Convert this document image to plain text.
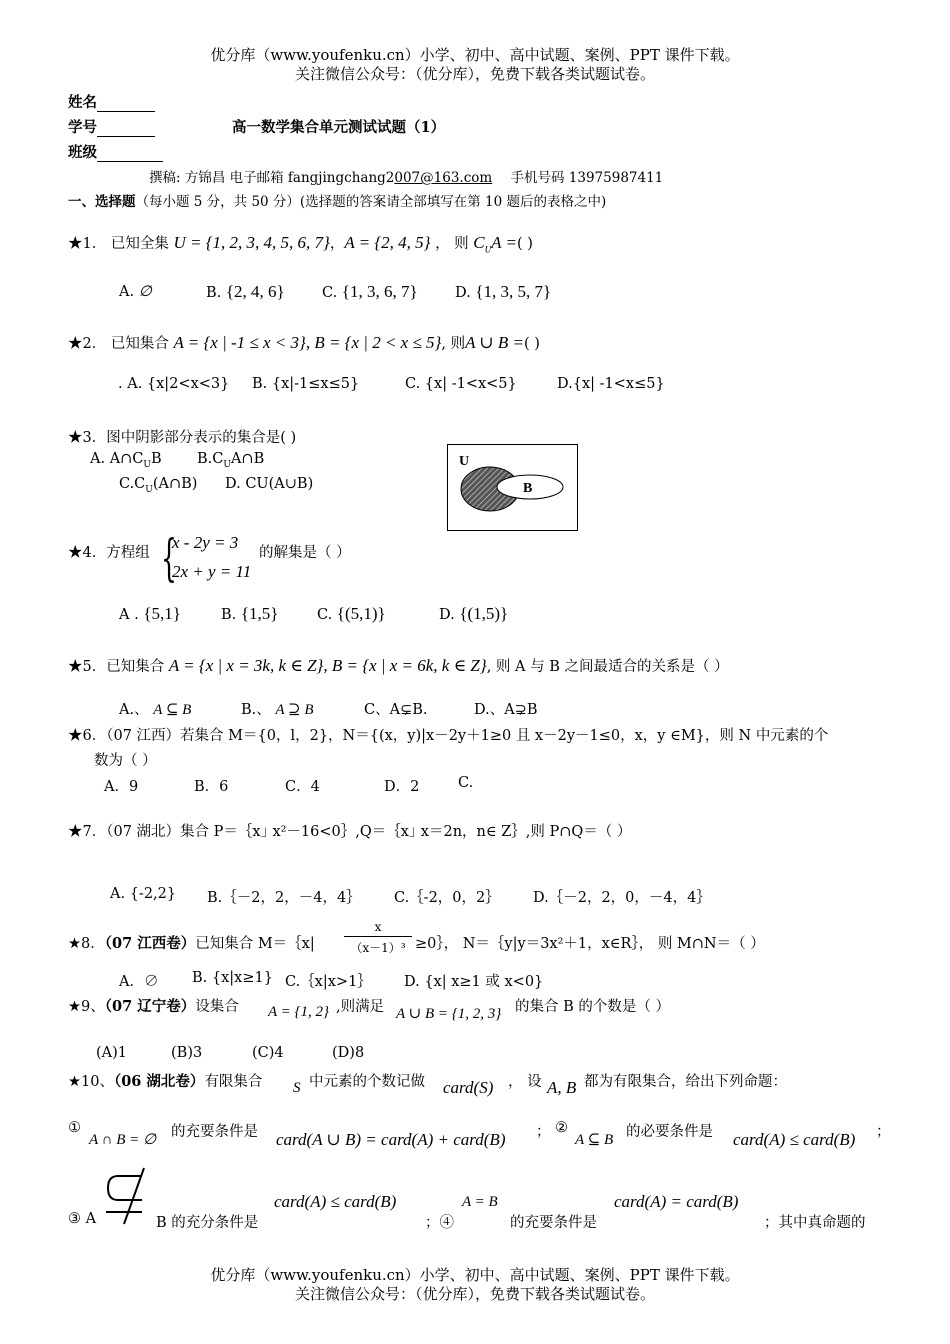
优分库（www.youfenku.cn）小学、初中、高中试题、案例、PPT 课件下载。
关注微信公众号：（优分库），免费下载各类试题试卷。
姓名
学号	高一数学集合单元测试试题（1）
班级
撰稿: 方锦昌 电子邮箱 fangjingchang2007@163.com 手机号码 13975987411
一、选择题（每小题 5 分，共 50 分）(选择题的答案请全部填写在第 10 题后的表格之中)
★1． 已知全集 U = {1, 2, 3, 4, 5, 6, 7}，A = {2, 4, 5} ， 则 $C_UA$ =( )
A. ∅	B. {2, 4, 6}	C. {1, 3, 6, 7}	D. {1, 3, 5, 7}
★2． 已知集合 A = {x | -1 ≤ x < 3}, B = {x | 2 < x ≤ 5}, 则A ∪ B =( )
. A. {x|2<x<3} B. {x|-1≤x≤5}	C. {x| -1<x<5}	D.{x| -1<x≤5}
★3．图中阴影部分表示的集合是( )
A. $A\cap C_UB$ $B.C_UA\cap B$
$C.C_U(A\cap B)$ D. CU(A∪B)
U
B
★4．方程组 {
x - 2y = 3
2x + y = 11
的解集是（ ）
A . {5,1}	B. {1,5}	C. {(5,1)}	D. {(1,5)}
★5．已知集合 A = {x | x = 3k, k ∈ Z}, B = {x | x = 6k, k ∈ Z}, 则 A 与 B 之间最适合的关系是（ ）
A.、 A ⊆ B	B.、 A ⊇ B	C、A⊊B.	D.、A⊋B
★6．（07 江西）若集合 M＝{0，l，2}，N＝{(x，y)|x－2y＋1≥0 且 x－2y－1≤0，x，y ∈M}，则 N 中元素的个
数为（ ）
A．9	B．6	C．4	D．2	C.
★7．（07 湖北）集合 P＝｛x｣ x²－16<0｝,Q＝｛x｣ x＝2n，n∈ Z｝,则 P∩Q＝（ ）
A. {-2,2} B.｛－2，2，－4，4｝ C.｛-2，0，2｝ D.｛－2，2，0，－4，4｝
★8．（07 江西卷）已知集合 M＝｛x| $\frac{x}{\text{（x－1）³}}$ ≥0｝， N＝｛y|y＝3x²＋1，x∈R｝， 则 M∩N＝（ ）
A．∅ B. {x|x≥1} C.｛x|x>1｝ D. {x| x≥1 或 x<0}
★9、（07 辽宁卷）设集合 A = {1, 2} ,则满足 A ∪ B = {1, 2, 3} 的集合 B 的个数是（ ）
(A)1	(B)3	(C)4	(D)8
★10、（06 湖北卷）有限集合 S 中元素的个数记做 card(S) ， 设 A, B 都为有限集合，给出下列命题：
①
A ∩ B = ∅ 的充要条件是 card(A ∪ B) = card(A) + card(B) ； ②
A ⊆ B 的必要条件是 card(A) ≤ card(B) ；
③ A	B 的充分条件是
card(A) ≤ card(B)
；④
A = B
的充要条件是
card(A) = card(B)
；其中真命题的
优分库（www.youfenku.cn）小学、初中、高中试题、案例、PPT 课件下载。
关注微信公众号：（优分库），免费下载各类试题试卷。
